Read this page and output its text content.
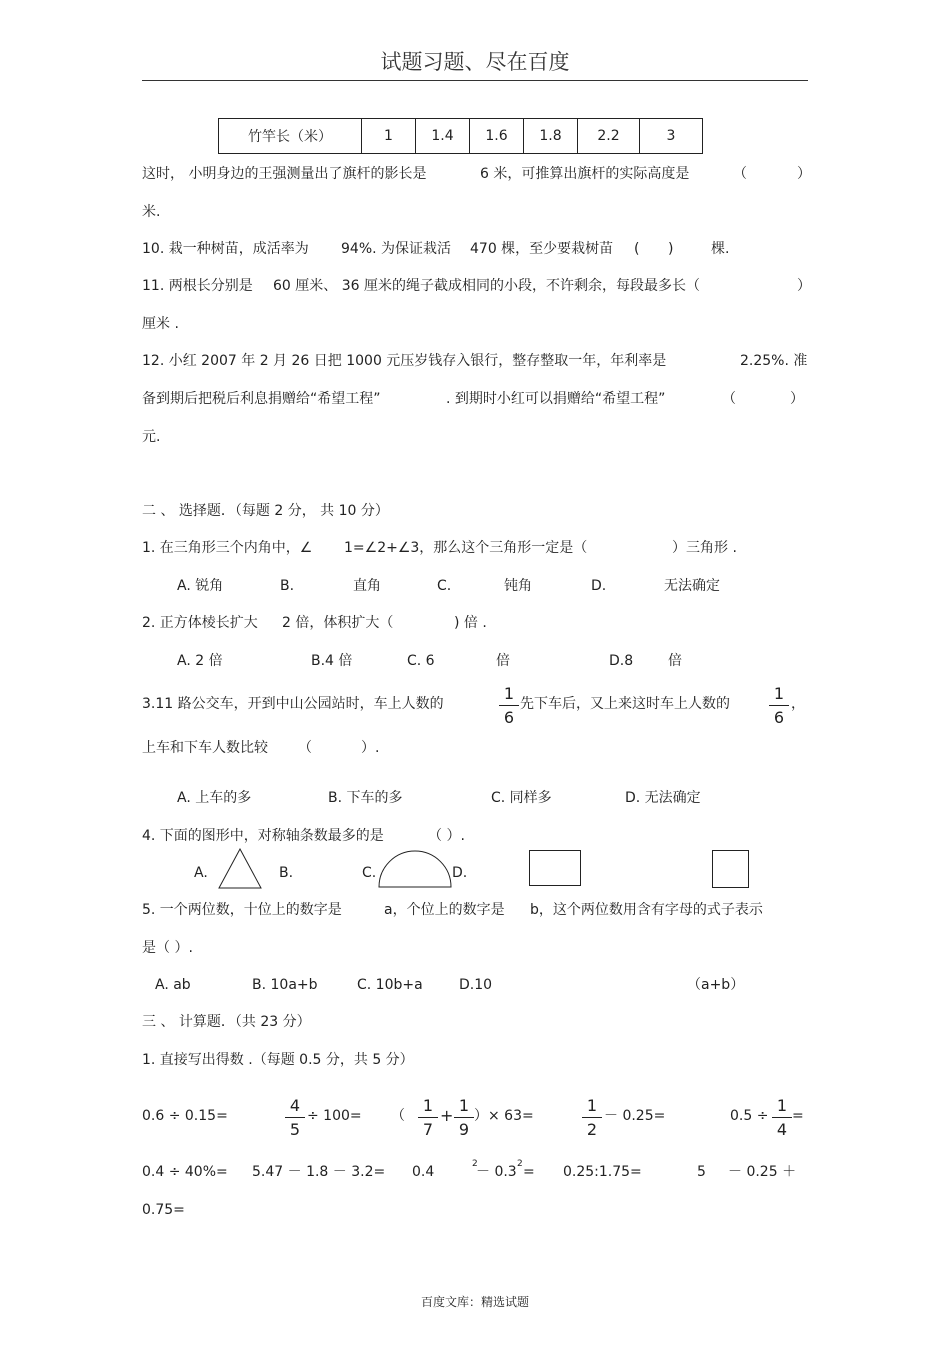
试题习题、尽在百度
竹竿长（米）	1	1.4	1.6	1.8	2.2	3
这时， 小明身边的王强测量出了旗杆的影长是	6 米，可推算出旗杆的实际高度是	（	）
米.
10. 栽一种树苗，成活率为 94%. 为保证栽活 470 棵，至少要栽树苗 ( )	棵.
11. 两根长分别是 60 厘米、 36 厘米的绳子截成相同的小段，不许剩余，每段最多长（	）
厘米 .
12. 小红 2007 年 2 月 26 日把 1000 元压岁钱存入银行，整存整取一年，年利率是	2.25%. 准
备到期后把税后利息捐赠给“希望工程”	. 到期时小红可以捐赠给“希望工程”	（	）
元.
二 、 选择题．（每题 2 分， 共 10 分）
1. 在三角形三个内角中，∠ 1=∠2+∠3，那么这个三角形一定是（	）三角形 .
A. 锐角	B.	直角	C.	钝角	D.	无法确定
2. 正方体棱长扩大 2 倍，体积扩大（	) 倍 .
A. 2 倍	B.4 倍	C. 6	倍	D.8 倍
3.11 路公交车，开到中山公园站时，车上人数的
1
6
先下车后，又上来这时车上人数的
1
6
，
上车和下车人数比较 （	）.
A. 上车的多	B. 下车的多	C. 同样多	D. 无法确定
4. 下面的图形中，对称轴条数最多的是	（ ）.
A.	B.	C.	D.
5. 一个两位数，十位上的数字是	a，个位上的数字是 b，这个两位数用含有字母的式子表示
是（ ）.
A. ab	B. 10a+b	C. 10b+a	D.10	（a+b）
三 、 计算题．（共 23 分）
1. 直接写出得数 .（每题 0.5 分，共 5 分）
0.6 ÷ 0.15=
4
5
÷ 100= （
1
7
+
1
9
）× 63=
1
2
－ 0.25=	0.5 ÷
1
4
=
0.4 ÷ 40%= 5.47 － 1.8 － 3.2= 0.4	2
－ 0.3 2 = 0.25:1.75=	5 － 0.25 ＋
0.75=
百度文库：精选试题
